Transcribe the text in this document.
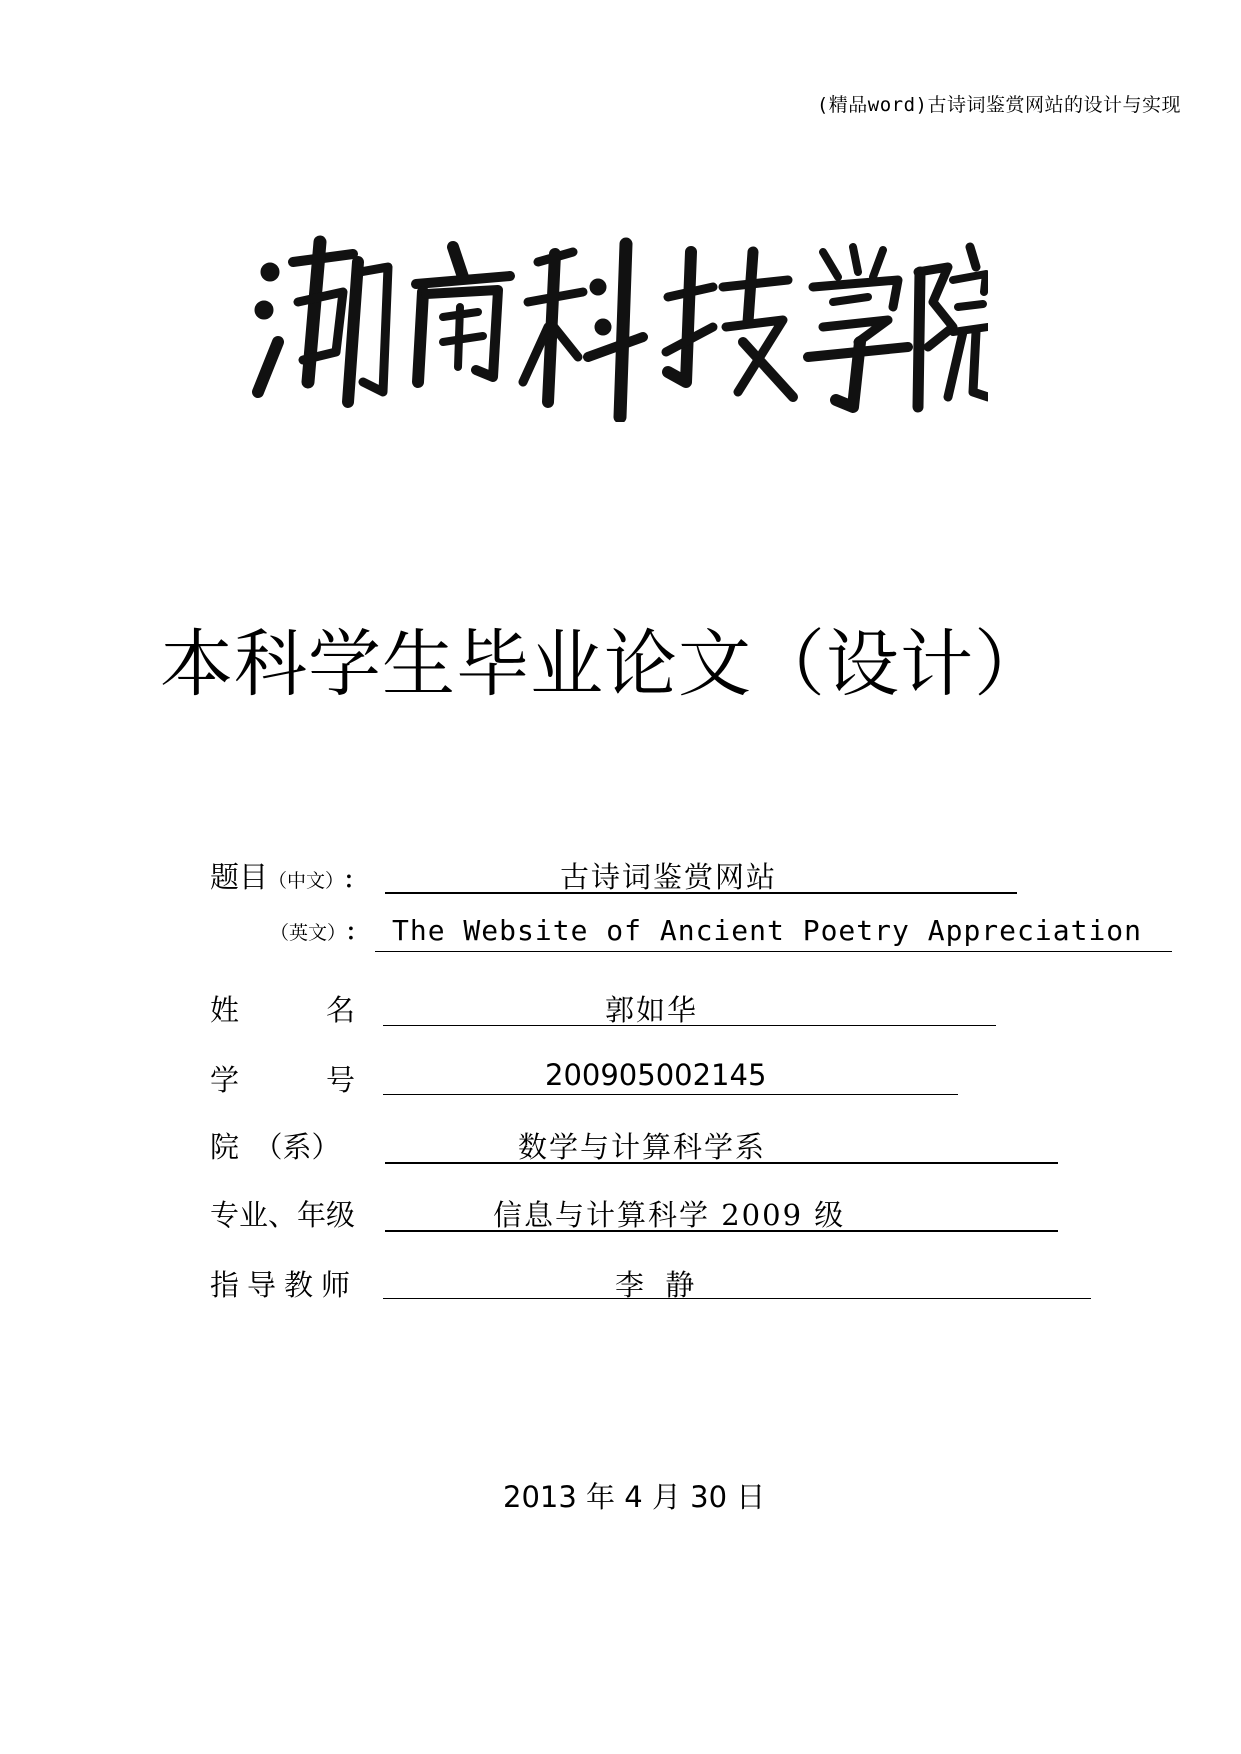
(精品word)古诗词鉴赏网站的设计与实现
本科学生毕业论文（设计）
题目（中文）:	古诗词鉴赏网站
（英文）: The Website of Ancient Poetry Appreciation
姓　　　名	郭如华
学　　　号	200905002145
院　（系）	数学与计算科学系
专业、年级	信息与计算科学 2009 级
指导教师	李 静
2013 年 4 月 30 日
